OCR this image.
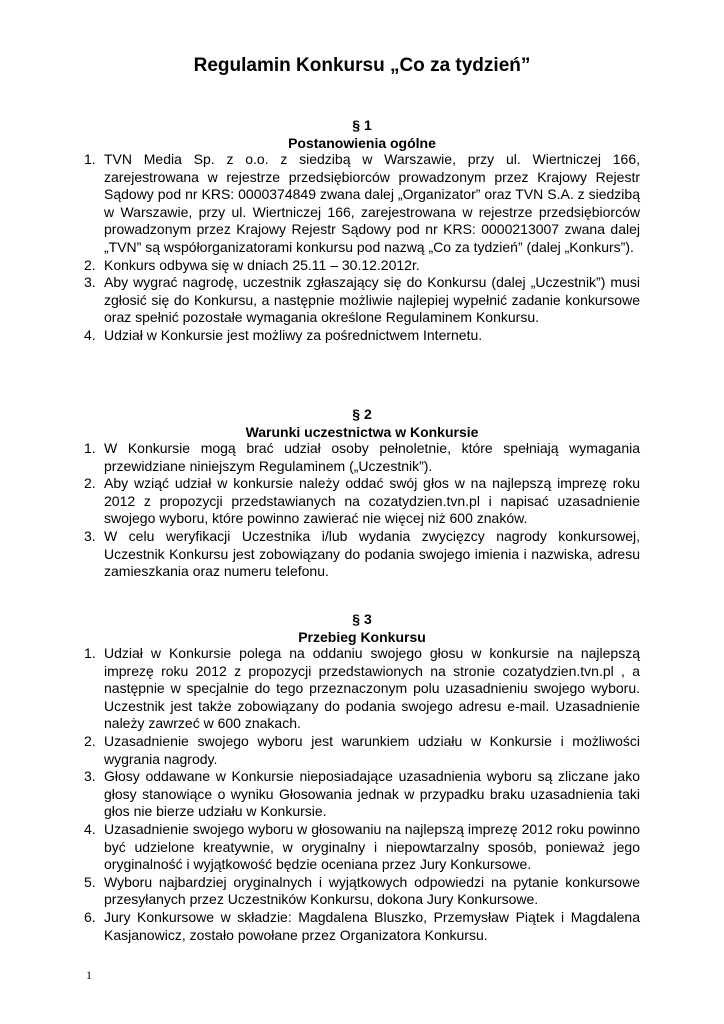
Regulamin Konkursu „Co za tydzień”
§ 1
Postanowienia ogólne
1. TVN Media Sp. z o.o. z siedzibą w Warszawie, przy ul. Wiertniczej 166, zarejestrowana w rejestrze przedsiębiorców prowadzonym przez Krajowy Rejestr Sądowy pod nr KRS: 0000374849 zwana dalej „Organizator” oraz TVN S.A. z siedzibą w Warszawie, przy ul. Wiertniczej 166, zarejestrowana w rejestrze przedsiębiorców prowadzonym przez Krajowy Rejestr Sądowy pod nr KRS: 0000213007 zwana dalej „TVN” są współorganizatorami konkursu pod nazwą „Co za tydzień” (dalej „Konkurs”).
2. Konkurs odbywa się w dniach 25.11 – 30.12.2012r.
3. Aby wygrać nagrodę, uczestnik zgłaszający się do Konkursu (dalej „Uczestnik”) musi zgłosić się do Konkursu, a następnie możliwie najlepiej wypełnić zadanie konkursowe oraz spełnić pozostałe wymagania określone Regulaminem Konkursu.
4. Udział w Konkursie jest możliwy za pośrednictwem Internetu.
§ 2
Warunki uczestnictwa w Konkursie
1. W Konkursie mogą brać udział osoby pełnoletnie, które spełniają wymagania przewidziane niniejszym Regulaminem („Uczestnik”).
2. Aby wziąć udział w konkursie należy oddać swój głos w na najlepszą imprezę roku 2012 z propozycji przedstawianych na cozatydzien.tvn.pl i napisać uzasadnienie swojego wyboru, które powinno zawierać nie więcej niż 600 znaków.
3. W celu weryfikacji Uczestnika i/lub wydania zwycięzcy nagrody konkursowej, Uczestnik Konkursu jest zobowiązany do podania swojego imienia i nazwiska, adresu zamieszkania oraz numeru telefonu.
§ 3
Przebieg Konkursu
1. Udział w Konkursie polega na oddaniu swojego głosu w konkursie na najlepszą imprezę roku 2012 z propozycji przedstawionych na stronie cozatydzien.tvn.pl , a następnie w specjalnie do tego przeznaczonym polu uzasadnieniu swojego wyboru. Uczestnik jest także zobowiązany do podania swojego adresu e-mail. Uzasadnienie należy zawrzeć w 600 znakach.
2. Uzasadnienie swojego wyboru jest warunkiem udziału w Konkursie i możliwości wygrania nagrody.
3. Głosy oddawane w Konkursie nieposiadające uzasadnienia wyboru są zliczane jako głosy stanowiące o wyniku Głosowania jednak w przypadku braku uzasadnienia taki głos nie bierze udziału w Konkursie.
4. Uzasadnienie swojego wyboru w głosowaniu na najlepszą imprezę 2012 roku powinno być udzielone kreatywnie, w oryginalny i niepowtarzalny sposób, ponieważ jego oryginalność i wyjątkowość będzie oceniana przez Jury Konkursowe.
5. Wyboru najbardziej oryginalnych i wyjątkowych odpowiedzi na pytanie konkursowe przesyłanych przez Uczestników Konkursu, dokona Jury Konkursowe.
6. Jury Konkursowe w składzie: Magdalena Bluszko, Przemysław Piątek i Magdalena Kasjanowicz, zostało powołane przez Organizatora Konkursu.
1
